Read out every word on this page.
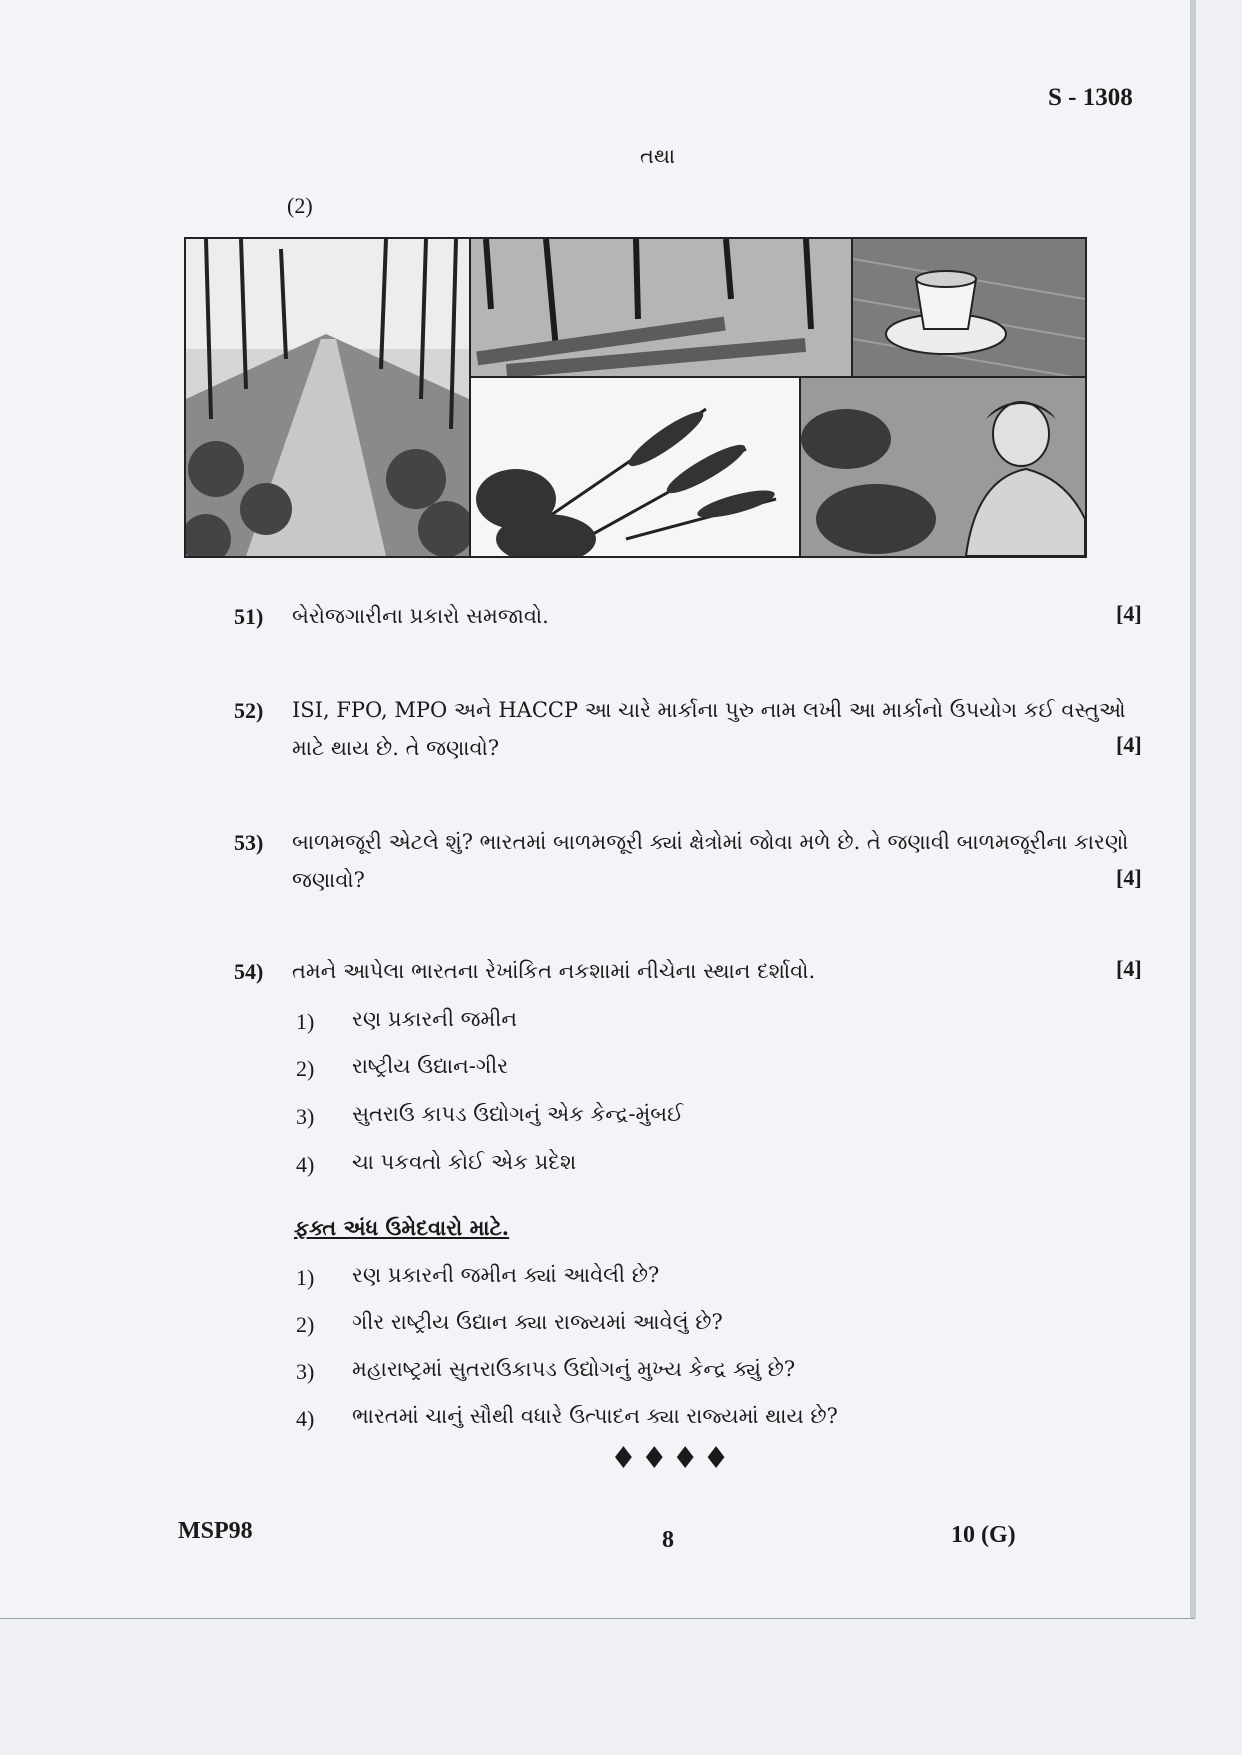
S - 1308
તથા
(2)
51) બેરોજગારીના પ્રકારો સમજાવો.	[4]
52) ISI, FPO, MPO અને HACCP આ ચારે માર્કાના પુરુ નામ લખી આ માર્કાનો ઉપયોગ કઈ વસ્તુઓ
માટે થાય છે. તે જણાવો?	[4]
53) બાળમજૂરી એટલે શું? ભારતમાં બાળમજૂરી ક્યાં ક્ષેત્રોમાં જોવા મળે છે. તે જણાવી બાળમજૂરીના કારણો
જણાવો?	[4]
54) તમને આપેલા ભારતના રેખાંકિત નકશામાં નીચેના સ્થાન દર્શાવો.	[4]
1) રણ પ્રકારની જમીન
2) રાષ્ટ્રીય ઉદ્યાન-ગીર
3) સુતરાઉ કાપડ ઉદ્યોગનું એક કેન્દ્ર-મુંબઈ
4) ચા પકવતો કોઈ એક પ્રદેશ
ફક્ત અંધ ઉમેદવારો માટે.
1) રણ પ્રકારની જમીન ક્યાં આવેલી છે?
2) ગીર રાષ્ટ્રીય ઉદ્યાન ક્યા રાજ્યમાં આવેલું છે?
3) મહારાષ્ટ્રમાં સુતરાઉકાપડ ઉદ્યોગનું મુખ્ય કેન્દ્ર ક્યું છે?
4) ભારતમાં ચાનું સૌથી વધારે ઉત્પાદન ક્યા રાજ્યમાં થાય છે?
♦♦♦♦
MSP98	8	10 (G)
